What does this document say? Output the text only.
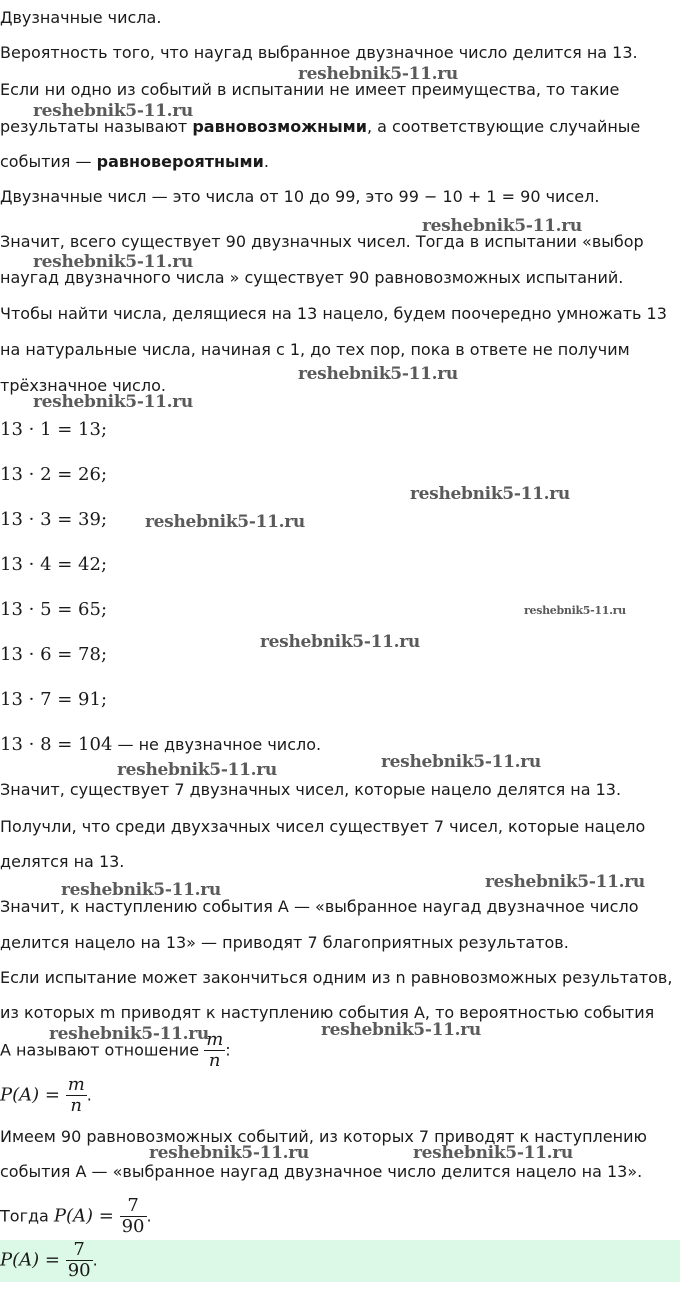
Двузначные числа.
Вероятность того, что наугад выбранное двузначное число делится на 13.
Если ни одно из событий в испытании не имеет преимущества, то такие
результаты называют равновозможными, а соответствующие случайные
события — равновероятными.
Двузначные числ — это числа от 10 до 99, это 99 − 10 + 1 = 90 чисел.
Значит, всего существует 90 двузначных чисел. Тогда в испытании «выбор
наугад двузначного числа » существует 90 равновозможных испытаний.
Чтобы найти числа, делящиеся на 13 нацело, будем поочередно умножать 13
на натуральные числа, начиная с 1, до тех пор, пока в ответе не получим
трёхзначное число.
13 · 1 = 13;
13 · 2 = 26;
13 · 3 = 39;
13 · 4 = 42;
13 · 5 = 65;
13 · 6 = 78;
13 · 7 = 91;
13 · 8 = 104 — не двузначное число.
Значит, существует 7 двузначных чисел, которые нацело делятся на 13.
Получли, что среди двухзачных чисел существует 7 чисел, которые нацело
делятся на 13.
Значит, к наступлению события A — «выбранное наугад двузначное число
делится нацело на 13» — приводят 7 благоприятных результатов.
Если испытание может закончиться одним из n равновозможных результатов,
из которых m приводят к наступлению события A, то вероятностью события
A называют отношение $\frac{m}{n}$ :
$P(A) = \frac{m}{n}$ .
Имеем 90 равновозможных событий, из которых 7 приводят к наступлению
события A — «выбранное наугад двузначное число делится нацело на 13».
Тогда $P(A) = \frac{7}{90}$ .
$P(A) = \frac{7}{90}$ .
reshebnik5-11.ru
reshebnik5-11.ru
reshebnik5-11.ru
reshebnik5-11.ru
reshebnik5-11.ru
reshebnik5-11.ru
reshebnik5-11.ru
reshebnik5-11.ru
reshebnik5-11.ru
reshebnik5-11.ru
reshebnik5-11.ru
reshebnik5-11.ru
reshebnik5-11.ru
reshebnik5-11.ru
reshebnik5-11.ru
reshebnik5-11.ru
reshebnik5-11.ru	reshebnik5-11.ru
